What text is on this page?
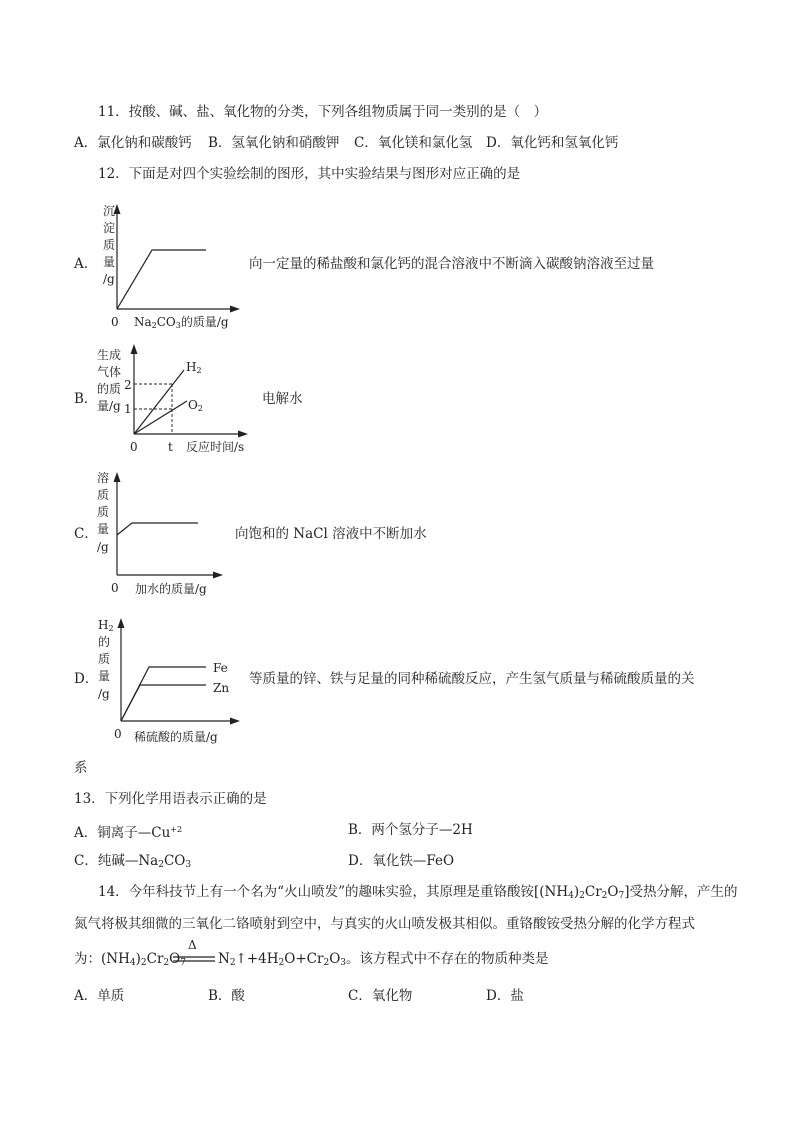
11．按酸、碱、盐、氧化物的分类，下列各组物质属于同一类别的是（　）
A．氯化钠和碳酸钙 B．氢氧化钠和硝酸钾 C．氧化镁和氯化氢 D．氧化钙和氢氧化钙
12．下面是对四个实验绘制的图形，其中实验结果与图形对应正确的是
A．
沉
淀
质
量
/g
0 Na2CO3的质量/g
向一定量的稀盐酸和氯化钙的混合溶液中不断滴入碳酸钠溶液至过量
B．
生成
气体
的质
量/g
2
1
H2
O2
0	t 反应时间/s
电解水
C．
溶
质
质
量
/g
0 加水的质量/g
向饱和的 NaCl 溶液中不断加水
D．
H2
的
质
量
/g
Fe
Zn
0 稀硫酸的质量/g
等质量的锌、铁与足量的同种稀硫酸反应，产生氢气质量与稀硫酸质量的关
系
13．下列化学用语表示正确的是
A．铜离子$—Cu^{+2}$	B．两个氢分子—2H
C．纯碱$—Na_2CO_3$	D．氧化铁—FeO
14．今年科技节上有一个名为“火山喷发”的趣味实验，其原理是重铬酸铵$[(NH_4)_2Cr_2O_7]$受热分解，产生的
氮气将极其细微的三氧化二铬喷射到空中，与真实的火山喷发极其相似。重铬酸铵受热分解的化学方程式
为：$(NH_4)_2Cr_2O_7$
Δ
$N_2↑+4H_2O+Cr_2O_3$。该方程式中不存在的物质种类是
A．单质	B．酸	C．氧化物	D．盐
